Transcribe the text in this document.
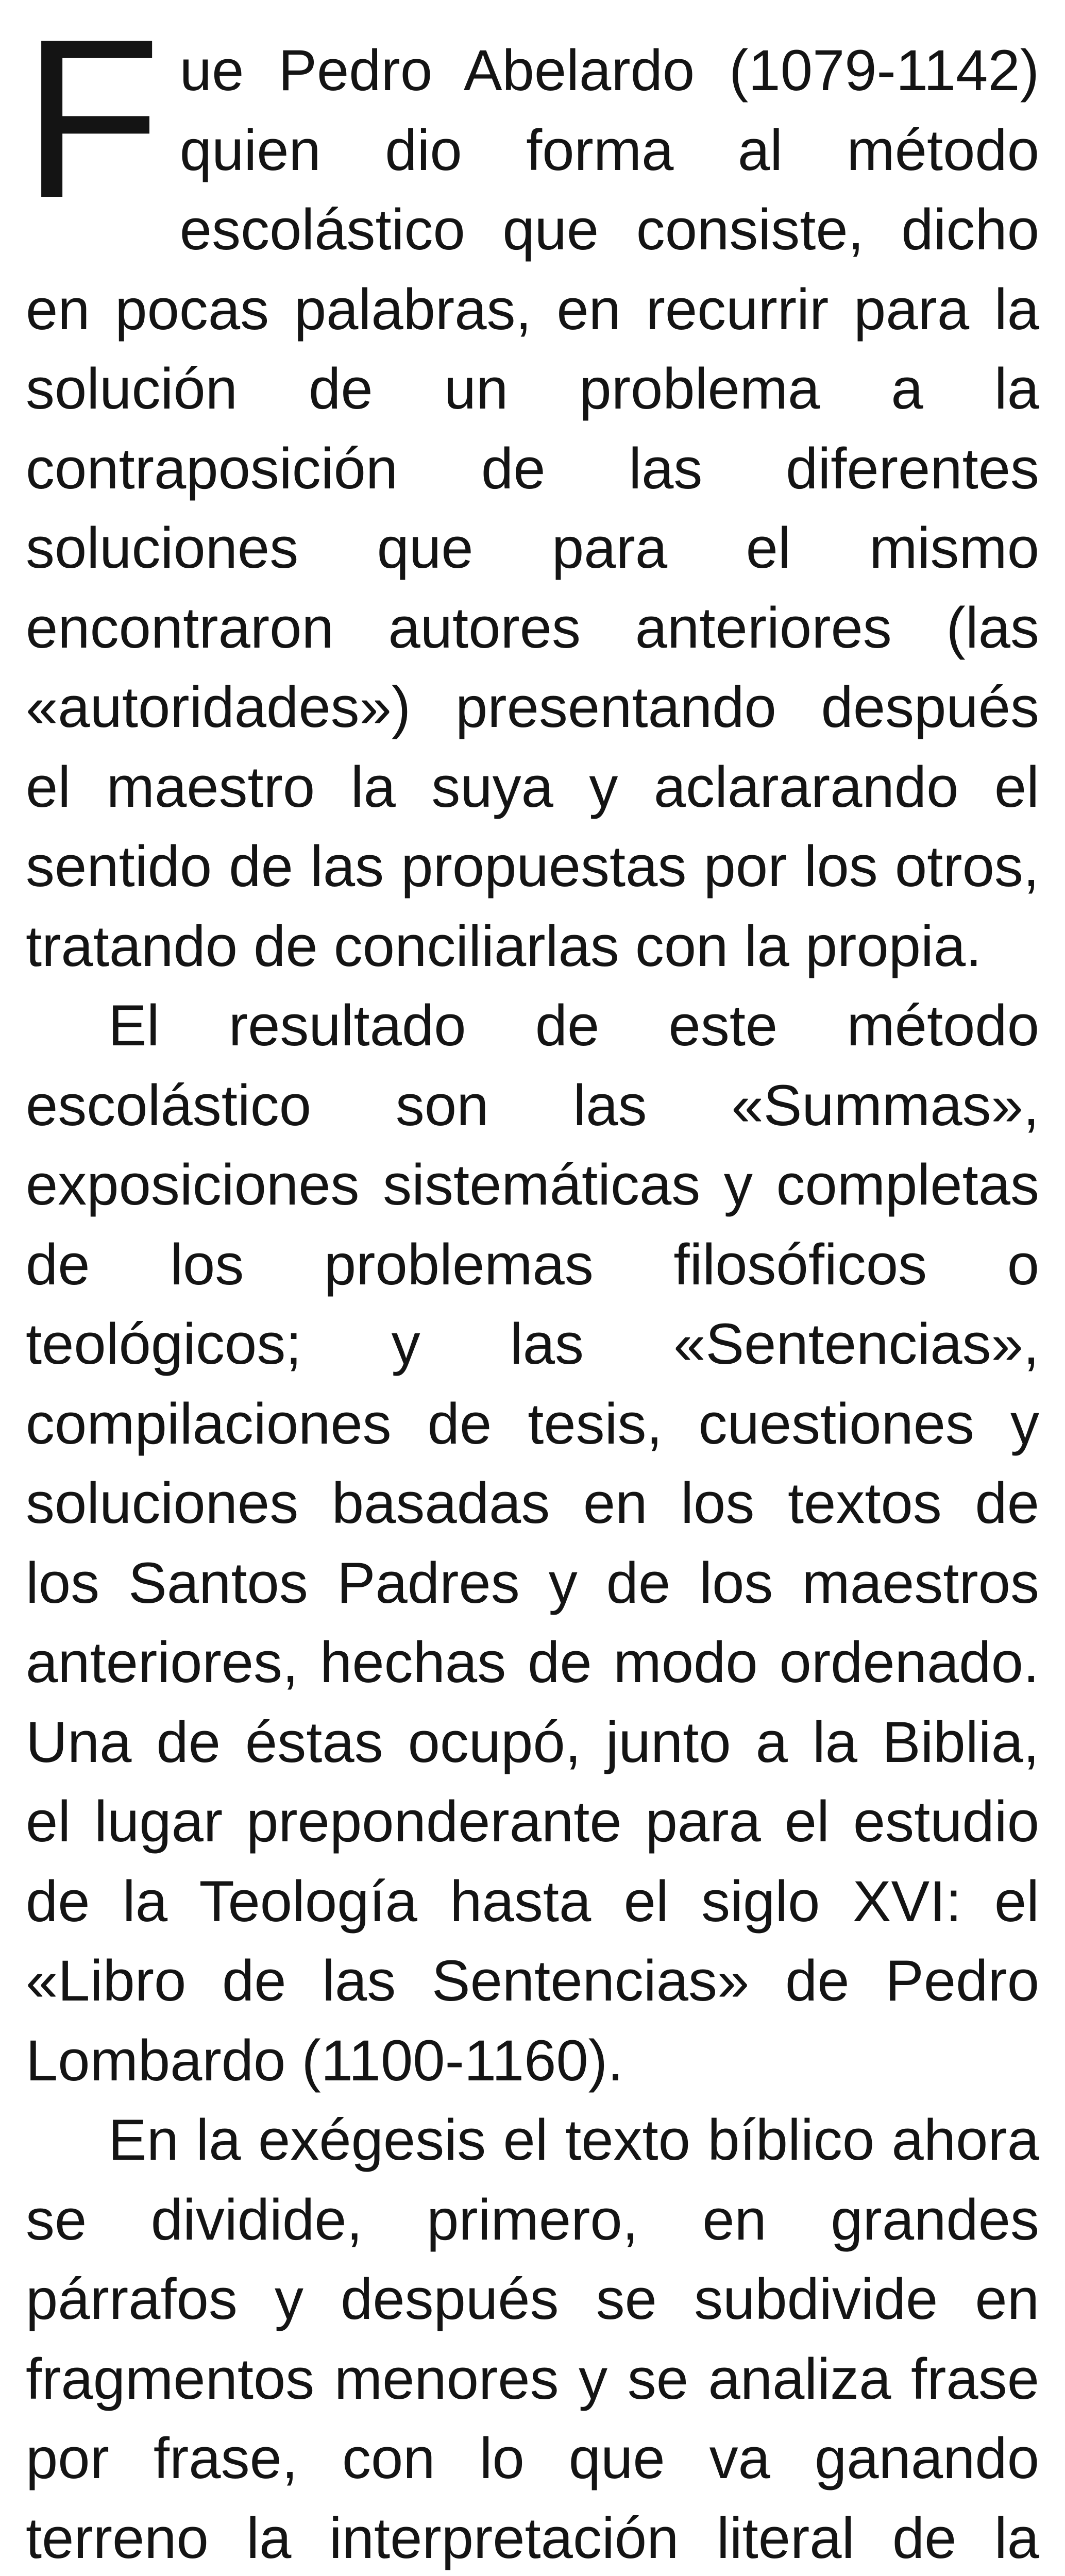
Fue Pedro Abelardo (1079-1142) quien dio forma al método escolástico que consiste, dicho en pocas palabras, en recurrir para la solución de un problema a la contraposición de las diferentes soluciones que para el mismo encontraron autores anteriores (las «autoridades») presentando después el maestro la suya y aclararando el sentido de las propuestas por los otros, tratando de conciliarlas con la propia.

El resultado de este método escolástico son las «Summas», exposiciones sistemáticas y completas de los problemas filosóficos o teológicos; y las «Sentencias», compilaciones de tesis, cuestiones y soluciones basadas en los textos de los Santos Padres y de los maestros anteriores, hechas de modo ordenado. Una de éstas ocupó, junto a la Biblia, el lugar preponderante para el estudio de la Teología hasta el siglo XVI: el «Libro de las Sentencias» de Pedro Lombardo (1100-1160).

En la exégesis el texto bíblico ahora se dividide, primero, en grandes párrafos y después se subdivide en fragmentos menores y se analiza frase por frase, con lo que va ganando terreno la interpretación literal de la
